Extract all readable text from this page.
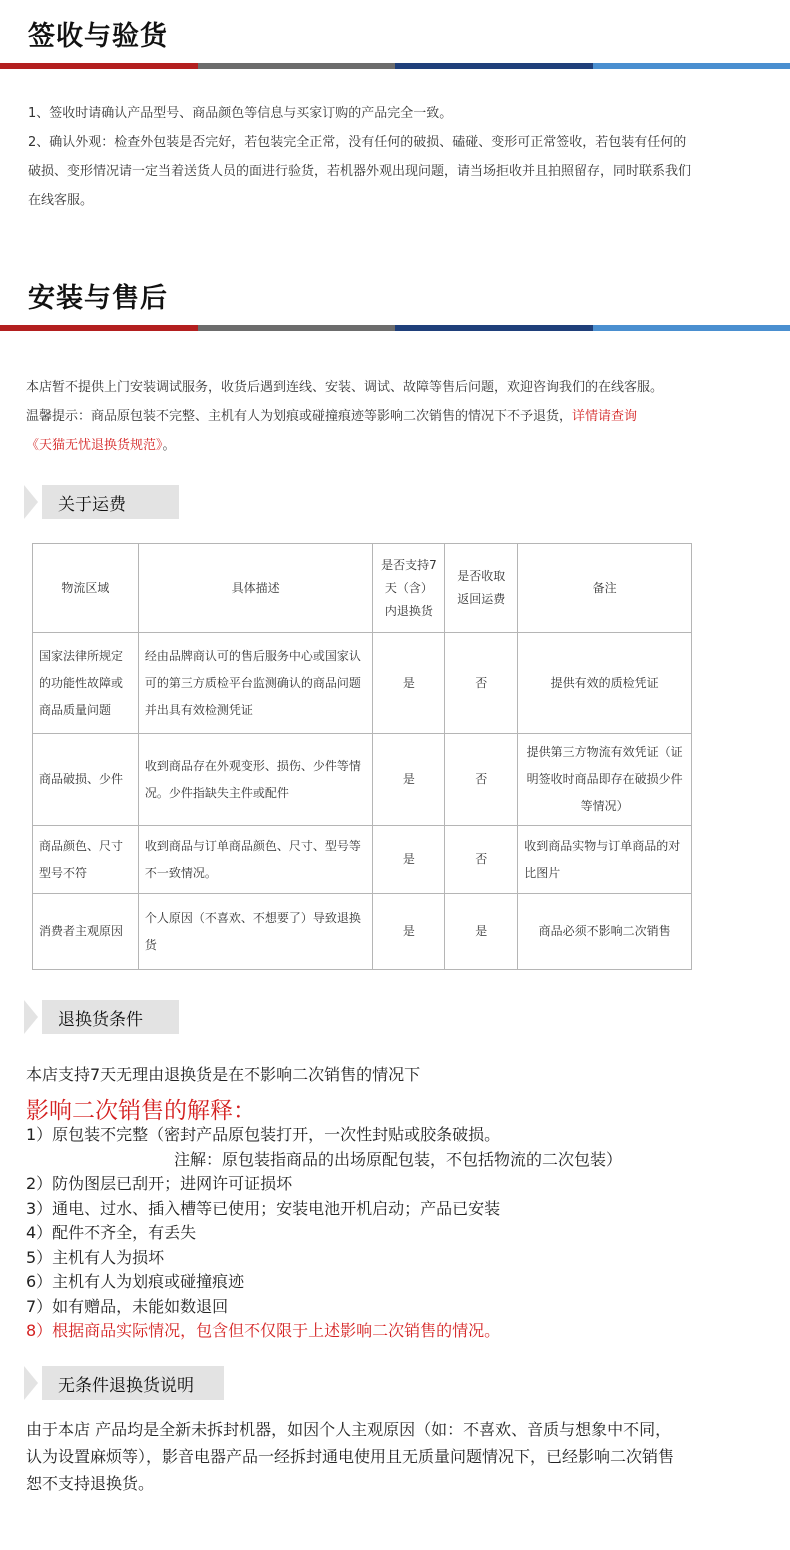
签收与验货

1、签收时请确认产品型号、商品颜色等信息与买家订购的产品完全一致。

2、确认外观：检查外包装是否完好，若包装完全正常，没有任何的破损、磕碰、变形可正常签收，若包装有任何的

破损、变形情况请一定当着送货人员的面进行验货，若机器外观出现问题，请当场拒收并且拍照留存，同时联系我们

在线客服。

安装与售后

本店暂不提供上门安装调试服务，收货后遇到连线、安装、调试、故障等售后问题，欢迎咨询我们的在线客服。

温馨提示：商品原包装不完整、主机有人为划痕或碰撞痕迹等影响二次销售的情况下不予退货，详情请查询

《天猫无忧退换货规范》。

关于运费
物流区域	具体描述	是否支持7天（含）内退换货	是否收取返回运费	备注
国家法律所规定的功能性故障或商品质量问题	经由品牌商认可的售后服务中心或国家认可的第三方质检平台监测确认的商品问题并出具有效检测凭证	是	否	提供有效的质检凭证
商品破损、少件	收到商品存在外观变形、损伤、少件等情况。少件指缺失主件或配件	是	否	提供第三方物流有效凭证（证明签收时商品即存在破损少件等情况）
商品颜色、尺寸型号不符	收到商品与订单商品颜色、尺寸、型号等不一致情况。	是	否	收到商品实物与订单商品的对比图片
消费者主观原因	个人原因（不喜欢、不想要了）导致退换货	是	是	商品必须不影响二次销售
退换货条件
本店支持7天无理由退换货是在不影响二次销售的情况下
影响二次销售的解释：

1）原包装不完整（密封产品原包装打开，一次性封贴或胶条破损。

注解：原包装指商品的出场原配包装，不包括物流的二次包装）

2）防伪图层已刮开；进网许可证损坏

3）通电、过水、插入槽等已使用；安装电池开机启动；产品已安装

4）配件不齐全，有丢失

5）主机有人为损坏

6）主机有人为划痕或碰撞痕迹

7）如有赠品，未能如数退回

8）根据商品实际情况，包含但不仅限于上述影响二次销售的情况。

无条件退换货说明

由于本店 产品均是全新未拆封机器，如因个人主观原因（如：不喜欢、音质与想象中不同，

认为设置麻烦等），影音电器产品一经拆封通电使用且无质量问题情况下，已经影响二次销售

恕不支持退换货。
